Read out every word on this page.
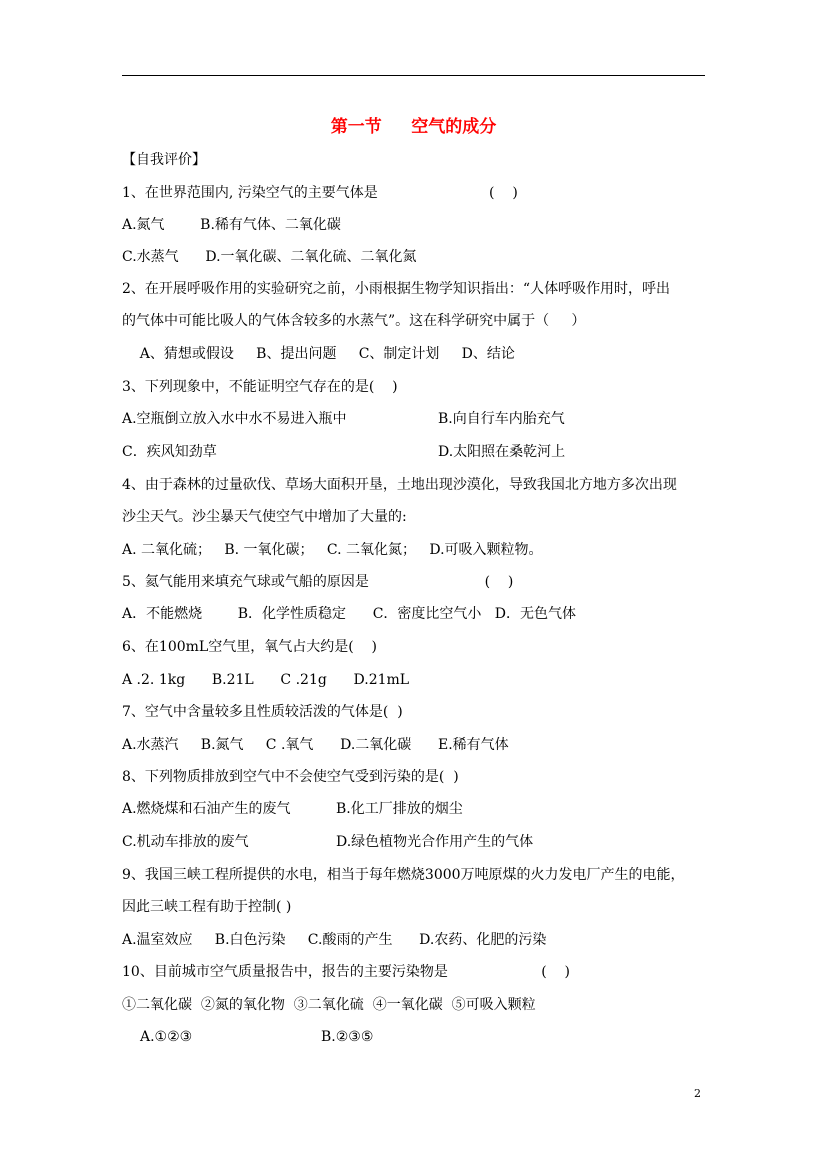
第一节     空气的成分
【自我评价】
1、在世界范围内, 污染空气的主要气体是                         (    )
A.氮气        B.稀有气体、二氧化碳
C.水蒸气      D.一氧化碳、二氧化硫、二氧化氮
2、在开展呼吸作用的实验研究之前，小雨根据生物学知识指出：“人体呼吸作用时，呼出
的气体中可能比吸人的气体含较多的水蒸气”。这在科学研究中属于（     ）
A、猜想或假设     B、提出问题     C、制定计划     D、结论
3、下列现象中，不能证明空气存在的是(    )
A.空瓶倒立放入水中水不易进入瓶中	B.向自行车内胎充气
C．疾风知劲草	D.太阳照在桑乾河上
4、由于森林的过量砍伐、草场大面积开垦，土地出现沙漠化，导致我国北方地方多次出现
沙尘天气。沙尘暴天气使空气中增加了大量的:
A. 二氧化硫；   B. 一氧化碳；   C. 二氧化氮；   D.可吸入颗粒物。
5、氦气能用来填充气球或气船的原因是                          (    )
A．不能燃烧        B．化学性质稳定      C．密度比空气小   D．无色气体
6、在100mL空气里，氧气占大约是(    )
A .2. 1kg      B.21L      C .21g      D.21mL
7、空气中含量较多且性质较活泼的气体是(  )
A.水蒸汽     B.氮气     C .氧气      D.二氧化碳      E.稀有气体
8、下列物质排放到空气中不会使空气受到污染的是(  )
A.燃烧煤和石油产生的废气	B.化工厂排放的烟尘
C.机动车排放的废气	D.绿色植物光合作用产生的气体
9、我国三峡工程所提供的水电，相当于每年燃烧3000万吨原煤的火力发电厂产生的电能，
因此三峡工程有助于控制( )
A.温室效应     B.白色污染     C.酸雨的产生      D.农药、化肥的污染
10、目前城市空气质量报告中，报告的主要污染物是                     (    )
①二氧化碳  ②氮的氧化物  ③二氧化硫  ④一氧化碳  ⑤可吸入颗粒
A.①②③	B.②③⑤
2
